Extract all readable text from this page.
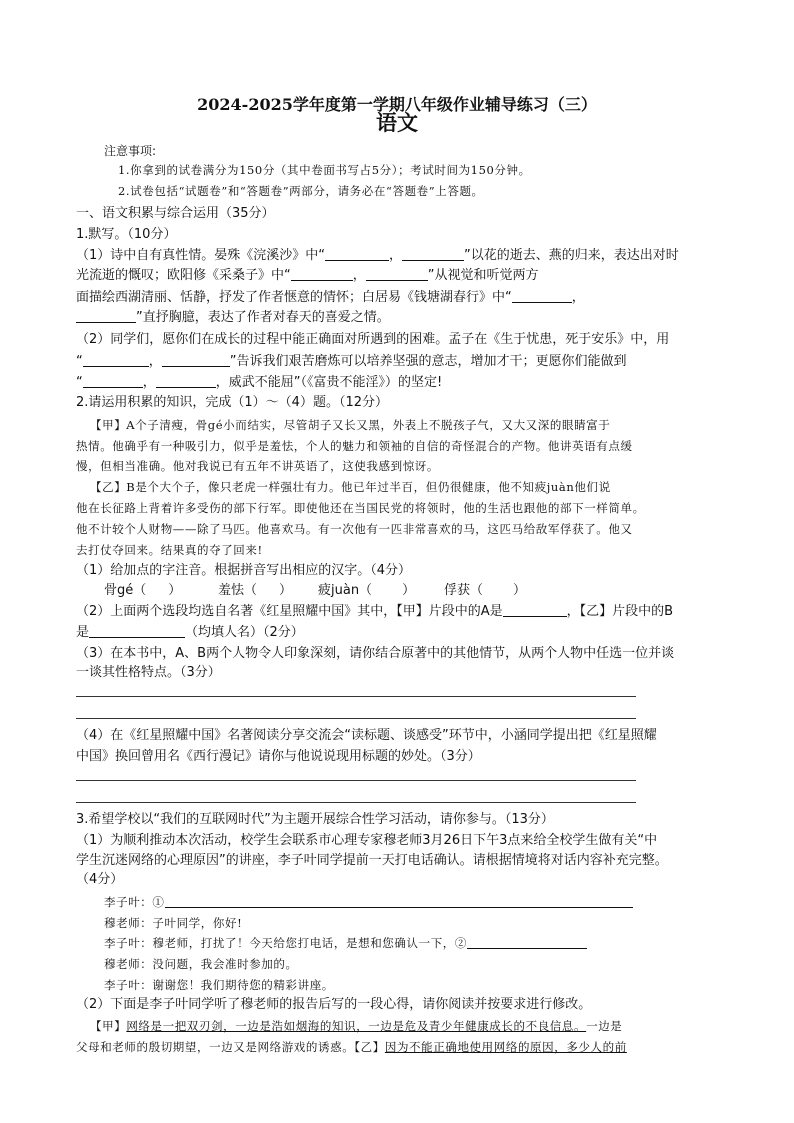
2024-2025学年度第一学期八年级作业辅导练习（三）
语文
注意事项:
1.你拿到的试卷满分为150分（其中卷面书写占5分）；考试时间为150分钟。
2.试卷包括“试题卷”和“答题卷”两部分，请务必在“答题卷”上答题。
一、语文积累与综合运用（35分）
1.默写。（10分）
（1）诗中自有真性情。晏殊《浣溪沙》中“	，	”以花的逝去、燕的归来，表达出对时
光流逝的慨叹；欧阳修《采桑子》中“	，	”从视觉和听觉两方
面描绘西湖清丽、恬静，抒发了作者惬意的情怀；白居易《钱塘湖春行》中“	，
”直抒胸臆，表达了作者对春天的喜爱之情。
（2）同学们，愿你们在成长的过程中能正确面对所遇到的困难。孟子在《生于忧患，死于安乐》中，用
“	，	”告诉我们艰苦磨炼可以培养坚强的意志，增加才干；更愿你们能做到
“	，	，威武不能屈”（《富贵不能淫》）的坚定!
2.请运用积累的知识，完成（1）～（4）题。（12分）
【甲】A个子清瘦，骨gé小而结实，尽管胡子又长又黑，外表上不脱孩子气，又大又深的眼睛富于
热情。他确乎有一种吸引力，似乎是羞怯，个人的魅力和领袖的自信的奇怪混合的产物。他讲英语有点缓
慢，但相当准确。他对我说已有五年不讲英语了，这使我感到惊讶。
【乙】B是个大个子，像只老虎一样强壮有力。他已年过半百，但仍很健康，他不知疲juàn他们说
他在长征路上背着许多受伤的部下行军。即使他还在当国民党的将领时，他的生活也跟他的部下一样简单。
他不计较个人财物——除了马匹。他喜欢马。有一次他有一匹非常喜欢的马，这匹马给敌军俘获了。他又
去打仗夺回来。结果真的夺了回来!
（1）给加点的字注音。根据拼音写出相应的汉字。（4分）
骨gé（ ）	羞怯（ ） 疲juàn（ ） 俘获（ ）
（2）上面两个选段均选自名著《红星照耀中国》其中，【甲】片段中的A是	，【乙】片段中的B
是	（均填人名）（2分）
（3）在本书中，A、B两个人物令人印象深刻，请你结合原著中的其他情节，从两个人物中任选一位并谈
一谈其性格特点。（3分）
（4）在《红星照耀中国》名著阅读分享交流会“读标题、谈感受”环节中，小涵同学提出把《红星照耀
中国》换回曾用名《西行漫记》请你与他说说现用标题的妙处。（3分）
3.希望学校以“我们的互联网时代”为主题开展综合性学习活动，请你参与。（13分）
（1）为顺利推动本次活动，校学生会联系市心理专家穆老师3月26日下午3点来给全校学生做有关“中
学生沉迷网络的心理原因”的讲座，李子叶同学提前一天打电话确认。请根据情境将对话内容补充完整。
（4分）
李子叶：①
穆老师：子叶同学，你好!
李子叶：穆老师，打扰了！今天给您打电话，是想和您确认一下，②
穆老师：没问题，我会准时参加的。
李子叶：谢谢您！我们期待您的精彩讲座。
（2）下面是李子叶同学听了穆老师的报告后写的一段心得，请你阅读并按要求进行修改。
【甲】网络是一把双刃剑，一边是浩如烟海的知识，一边是危及青少年健康成长的不良信息。一边是
父母和老师的殷切期望，一边又是网络游戏的诱惑。【乙】因为不能正确地使用网络的原因，多少人的前
